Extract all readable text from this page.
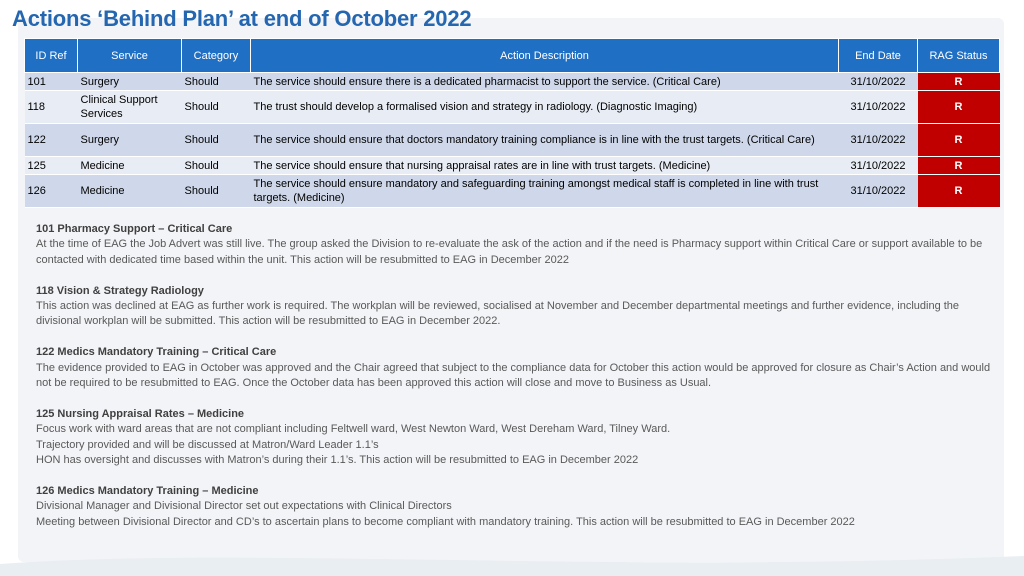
Actions ‘Behind Plan’ at end of October 2022
ID Ref	Service	Category	Action Description	End Date	RAG Status
101	Surgery	Should	The service should ensure there is a dedicated pharmacist to support the service. (Critical Care)	31/10/2022	R
118	Clinical Support Services	Should	The trust should develop a formalised vision and strategy in radiology. (Diagnostic Imaging)	31/10/2022	R
122	Surgery	Should	The service should ensure that doctors mandatory training compliance is in line with the trust targets. (Critical Care)	31/10/2022	R
125	Medicine	Should	The service should ensure that nursing appraisal rates are in line with trust targets. (Medicine)	31/10/2022	R
126	Medicine	Should	The service should ensure mandatory and safeguarding training amongst medical staff is completed in line with trust targets. (Medicine)	31/10/2022	R
101 Pharmacy Support – Critical Care

At the time of EAG the Job Advert was still live. The group asked the Division to re-evaluate the ask of the action and if the need is Pharmacy support within Critical Care or support available to be contacted with dedicated time based within the unit. This action will be resubmitted to EAG in December 2022

118 Vision & Strategy Radiology

This action was declined at EAG as further work is required. The workplan will be reviewed, socialised at November and December departmental meetings and further evidence, including the divisional workplan will be submitted. This action will be resubmitted to EAG in December 2022.

122 Medics Mandatory Training – Critical Care

The evidence provided to EAG in October was approved and the Chair agreed that subject to the compliance data for October this action would be approved for closure as Chair’s Action and would not be required to be resubmitted to EAG. Once the October data has been approved this action will close and move to Business as Usual.

125 Nursing Appraisal Rates – Medicine

Focus work with ward areas that are not compliant including Feltwell ward, West Newton Ward, West Dereham Ward, Tilney Ward.

Trajectory provided and will be discussed at Matron/Ward Leader 1.1’s

HON has oversight and discusses with Matron’s during their 1.1’s. This action will be resubmitted to EAG in December 2022

126 Medics Mandatory Training – Medicine

Divisional Manager and Divisional Director set out expectations with Clinical Directors

Meeting between Divisional Director and CD’s to ascertain plans to become compliant with mandatory training. This action will be resubmitted to EAG in December 2022
